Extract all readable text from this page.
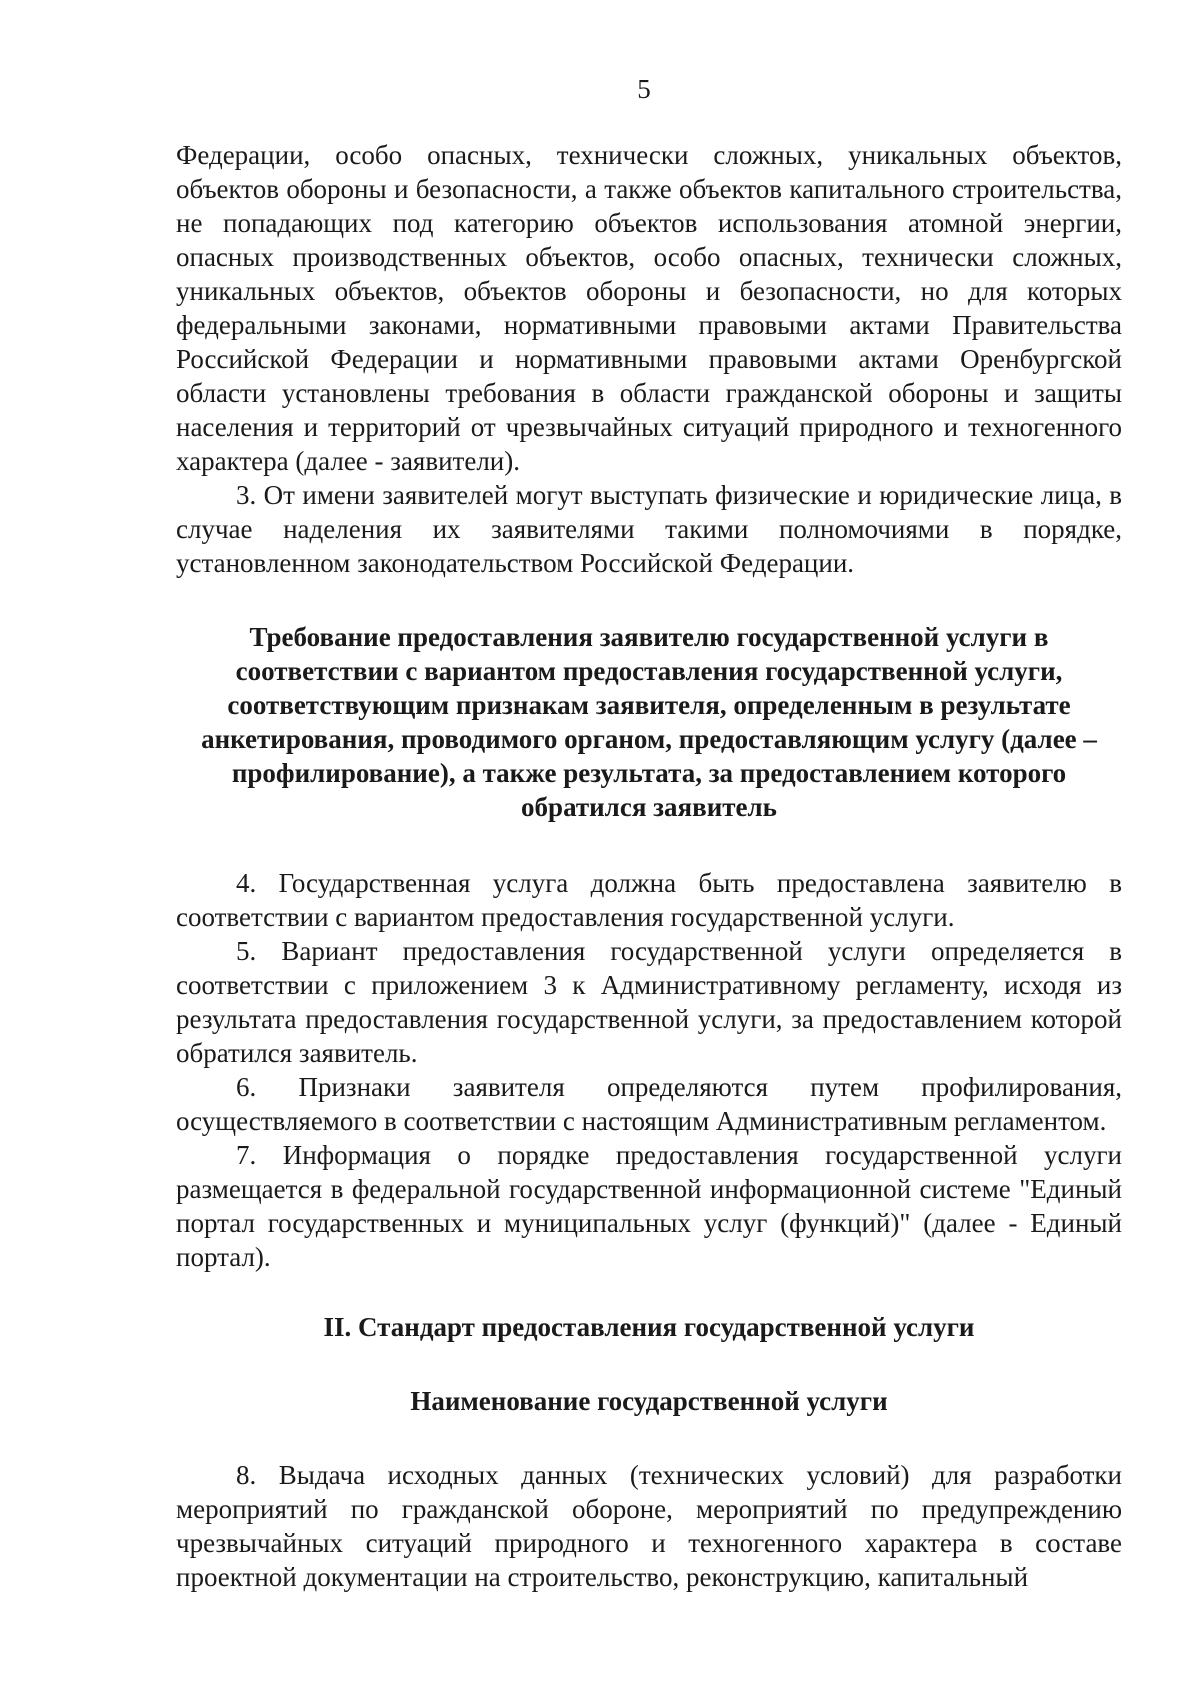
5

Федерации, особо опасных, технически сложных, уникальных объектов, объектов обороны и безопасности, а также объектов капитального строительства, не попадающих под категорию объектов использования атомной энергии, опасных производственных объектов, особо опасных, технически сложных, уникальных объектов, объектов обороны и безопасности, но для которых федеральными законами, нормативными правовыми актами Правительства Российской Федерации и нормативными правовыми актами Оренбургской области установлены требования в области гражданской обороны и защиты населения и территорий от чрезвычайных ситуаций природного и техногенного характера (далее - заявители).

3. От имени заявителей могут выступать физические и юридические лица, в случае наделения их заявителями такими полномочиями в порядке, установленном законодательством Российской Федерации.

Требование предоставления заявителю государственной услуги в соответствии с вариантом предоставления государственной услуги, соответствующим признакам заявителя, определенным в результате анкетирования, проводимого органом, предоставляющим услугу (далее – профилирование), а также результата, за предоставлением которого обратился заявитель

4. Государственная услуга должна быть предоставлена заявителю в соответствии с вариантом предоставления государственной услуги.

5. Вариант предоставления государственной услуги определяется в соответствии с приложением 3 к Административному регламенту, исходя из результата предоставления государственной услуги, за предоставлением которой обратился заявитель.

6. Признаки заявителя определяются путем профилирования, осуществляемого в соответствии с настоящим Административным регламентом.

7. Информация о порядке предоставления государственной услуги размещается в федеральной государственной информационной системе "Единый портал государственных и муниципальных услуг (функций)" (далее - Единый портал).

II. Стандарт предоставления государственной услуги
Наименование государственной услуги

8. Выдача исходных данных (технических условий) для разработки мероприятий по гражданской обороне, мероприятий по предупреждению чрезвычайных ситуаций природного и техногенного характера в составе проектной документации на строительство, реконструкцию, капитальный
